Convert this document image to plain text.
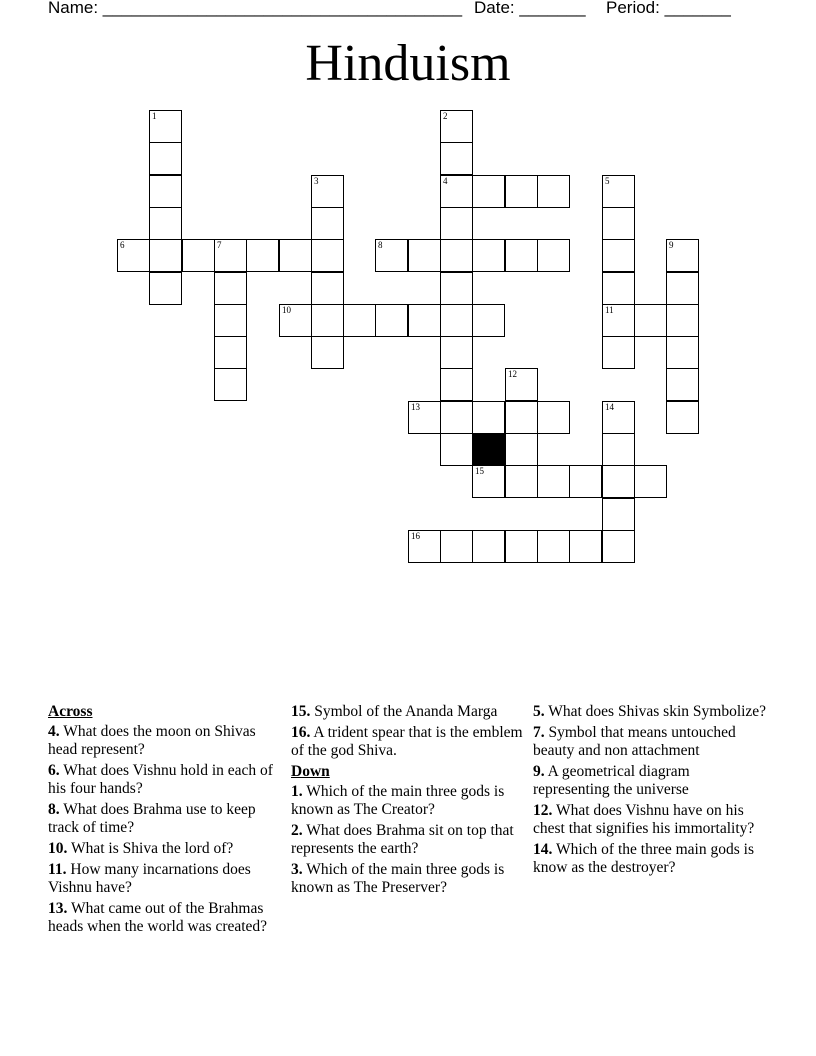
Name: ______________________________________ Date: _______ Period: _______
Hinduism
1	2
3	4	5
6	7	8	9
10	11
12
13	14
15
16
Across
4. What does the moon on Shivas head represent?
6. What does Vishnu hold in each of his four hands?
8. What does Brahma use to keep track of time?
10. What is Shiva the lord of?
11. How many incarnations does Vishnu have?
13. What came out of the Brahmas heads when the world was created?
15. Symbol of the Ananda Marga
16. A trident spear that is the emblem of the god Shiva.
Down
1. Which of the main three gods is known as The Creator?
2. What does Brahma sit on top that represents the earth?
3. Which of the main three gods is known as The Preserver?
5. What does Shivas skin Symbolize?
7. Symbol that means untouched beauty and non attachment
9. A geometrical diagram representing the universe
12. What does Vishnu have on his chest that signifies his immortality?
14. Which of the three main gods is know as the destroyer?
